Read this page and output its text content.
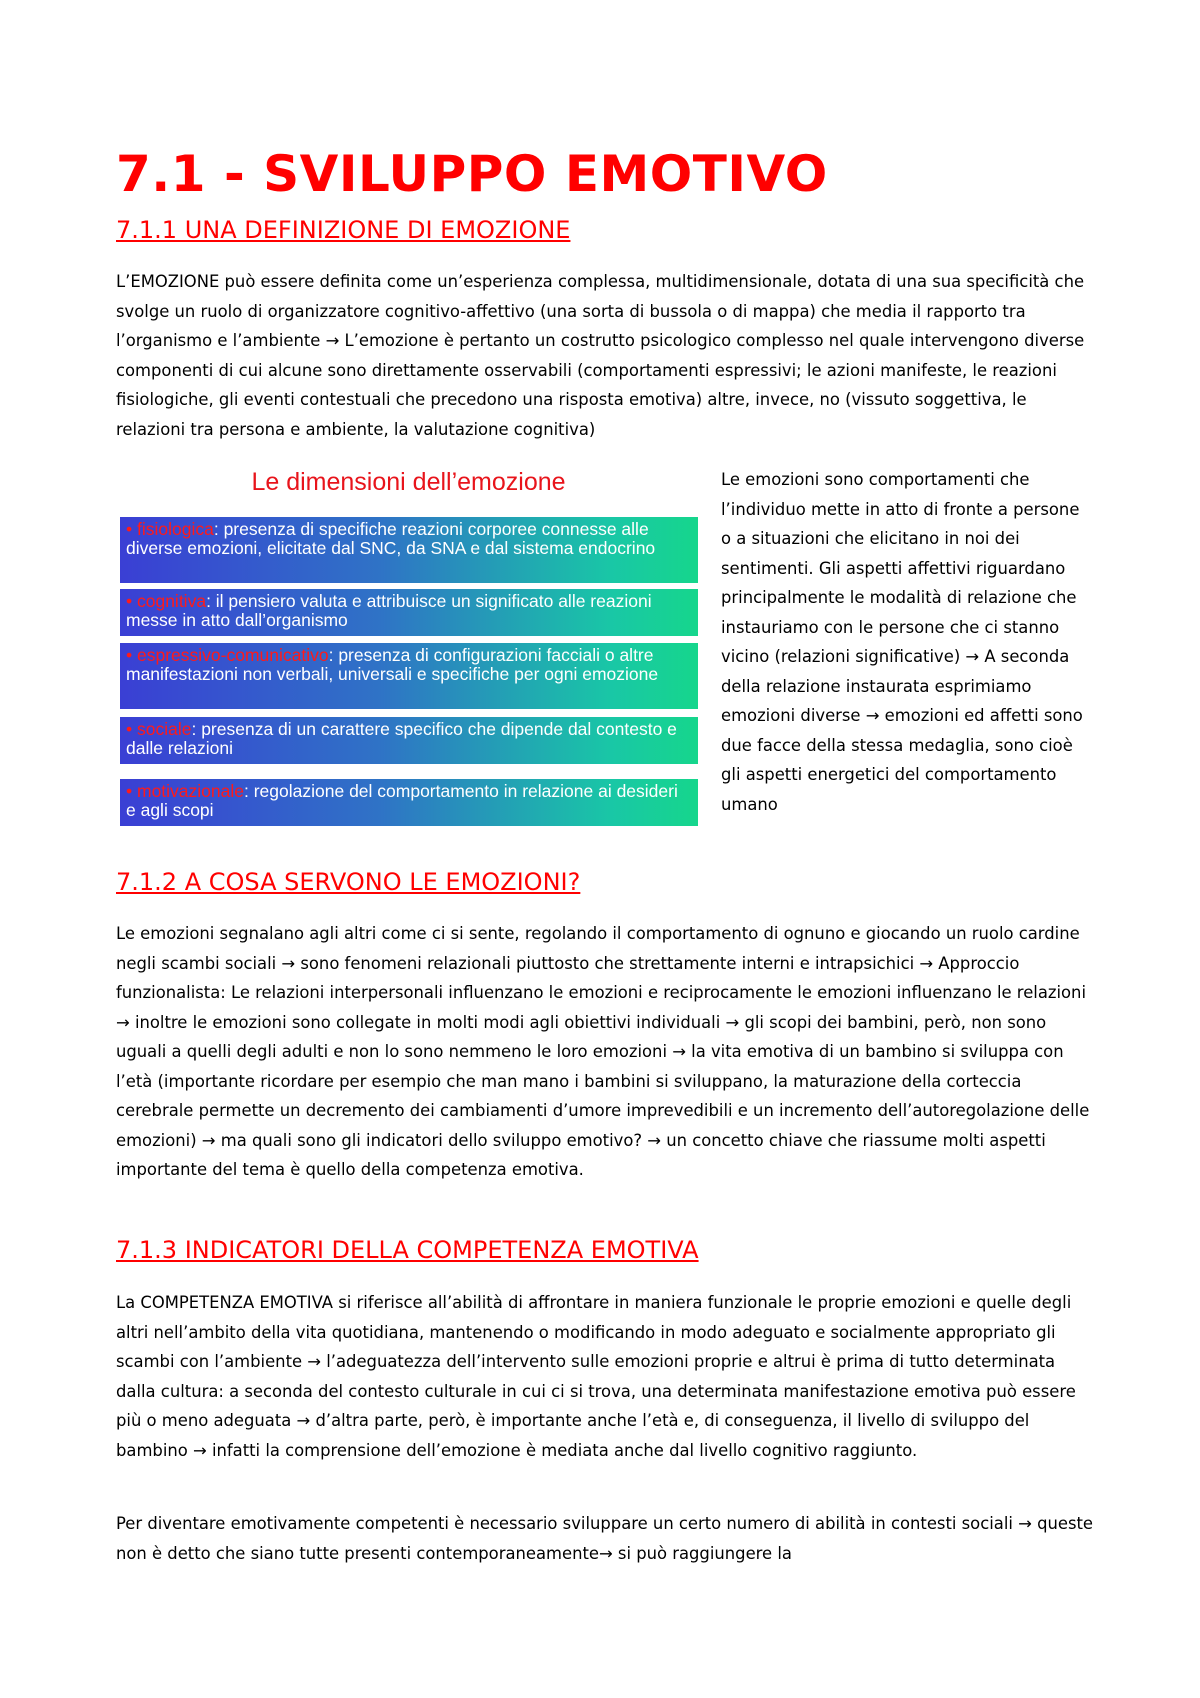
7.1 - SVILUPPO EMOTIVO
7.1.1 UNA DEFINIZIONE DI EMOZIONE

L’EMOZIONE può essere definita come un’esperienza complessa, multidimensionale, dotata di una sua specificità che svolge un ruolo di organizzatore cognitivo-affettivo (una sorta di bussola o di mappa) che media il rapporto tra l’organismo e l’ambiente → L’emozione è pertanto un costrutto psicologico complesso nel quale intervengono diverse componenti di cui alcune sono direttamente osservabili (comportamenti espressivi; le azioni manifeste, le reazioni fisiologiche, gli eventi contestuali che precedono una risposta emotiva) altre, invece, no (vissuto soggettiva, le relazioni tra persona e ambiente, la valutazione cognitiva)

Le dimensioni dell’emozione
• fisiologica: presenza di specifiche reazioni corporee connesse alle diverse emozioni, elicitate dal SNC, da SNA e dal sistema endocrino
• cognitiva: il pensiero valuta e attribuisce un significato alle reazioni messe in atto dall’organismo
• espressivo-comunicativo: presenza di configurazioni facciali o altre manifestazioni non verbali, universali e specifiche per ogni emozione
• sociale: presenza di un carattere specifico che dipende dal contesto e dalle relazioni
• motivazionale: regolazione del comportamento in relazione ai desideri e agli scopi

Le emozioni sono comportamenti che l’individuo mette in atto di fronte a persone o a situazioni che elicitano in noi dei sentimenti. Gli aspetti affettivi riguardano principalmente le modalità di relazione che instauriamo con le persone che ci stanno vicino (relazioni significative) → A seconda della relazione instaurata esprimiamo emozioni diverse → emozioni ed affetti sono due facce della stessa medaglia, sono cioè gli aspetti energetici del comportamento umano

7.1.2 A COSA SERVONO LE EMOZIONI?

Le emozioni segnalano agli altri come ci si sente, regolando il comportamento di ognuno e giocando un ruolo cardine negli scambi sociali → sono fenomeni relazionali piuttosto che strettamente interni e intrapsichici → Approccio funzionalista: Le relazioni interpersonali influenzano le emozioni e reciprocamente le emozioni influenzano le relazioni → inoltre le emozioni sono collegate in molti modi agli obiettivi individuali → gli scopi dei bambini, però, non sono uguali a quelli degli adulti e non lo sono nemmeno le loro emozioni → la vita emotiva di un bambino si sviluppa con l’età (importante ricordare per esempio che man mano i bambini si sviluppano, la maturazione della corteccia cerebrale permette un decremento dei cambiamenti d’umore imprevedibili e un incremento dell’autoregolazione delle emozioni) → ma quali sono gli indicatori dello sviluppo emotivo? → un concetto chiave che riassume molti aspetti importante del tema è quello della competenza emotiva.

7.1.3 INDICATORI DELLA COMPETENZA EMOTIVA

La COMPETENZA EMOTIVA si riferisce all’abilità di affrontare in maniera funzionale le proprie emozioni e quelle degli altri nell’ambito della vita quotidiana, mantenendo o modificando in modo adeguato e socialmente appropriato gli scambi con l’ambiente → l’adeguatezza dell’intervento sulle emozioni proprie e altrui è prima di tutto determinata dalla cultura: a seconda del contesto culturale in cui ci si trova, una determinata manifestazione emotiva può essere più o meno adeguata → d’altra parte, però, è importante anche l’età e, di conseguenza, il livello di sviluppo del bambino → infatti la comprensione dell’emozione è mediata anche dal livello cognitivo raggiunto.

Per diventare emotivamente competenti è necessario sviluppare un certo numero di abilità in contesti sociali → queste non è detto che siano tutte presenti contemporaneamente→ si può raggiungere la
